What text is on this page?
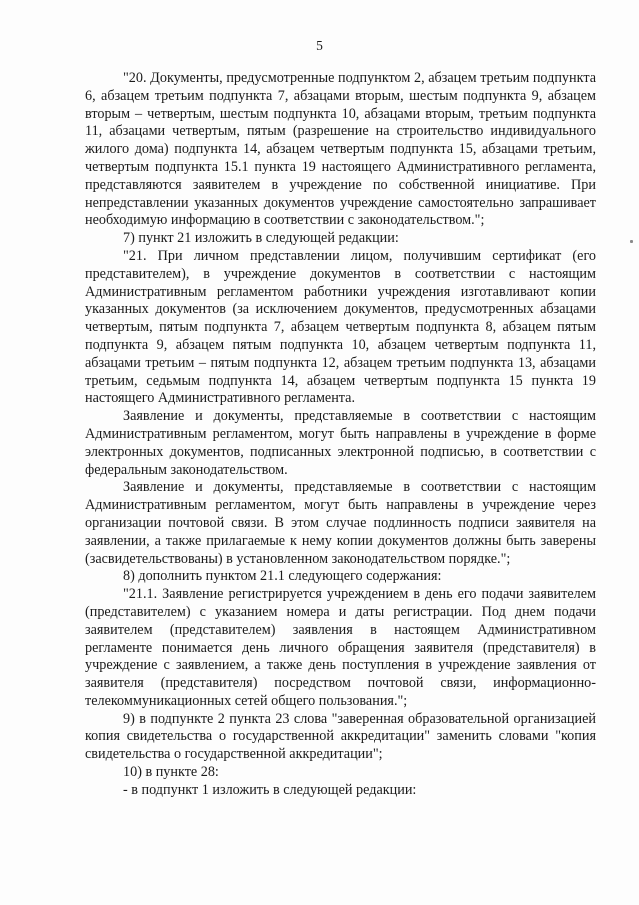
5

"20. Документы, предусмотренные подпунктом 2, абзацем третьим подпункта 6, абзацем третьим подпункта 7, абзацами вторым, шестым подпункта 9, абзацем вторым – четвертым, шестым подпункта 10, абзацами вторым, третьим подпункта 11, абзацами четвертым, пятым (разрешение на строительство индивидуального жилого дома) подпункта 14, абзацем четвертым подпункта 15, абзацами третьим, четвертым подпункта 15.1 пункта 19 настоящего Административного регламента, представляются заявителем в учреждение по собственной инициативе. При непредставлении указанных документов учреждение самостоятельно запрашивает необходимую информацию в соответствии с законодательством.";

7) пункт 21 изложить в следующей редакции:

"21. При личном представлении лицом, получившим сертификат (его представителем), в учреждение документов в соответствии с настоящим Административным регламентом работники учреждения изготавливают копии указанных документов (за исключением документов, предусмотренных абзацами четвертым, пятым подпункта 7, абзацем четвертым подпункта 8, абзацем пятым подпункта 9, абзацем пятым подпункта 10, абзацем четвертым подпункта 11, абзацами третьим – пятым подпункта 12, абзацем третьим подпункта 13, абзацами третьим, седьмым подпункта 14, абзацем четвертым подпункта 15 пункта 19 настоящего Административного регламента.

Заявление и документы, представляемые в соответствии с настоящим Административным регламентом, могут быть направлены в учреждение в форме электронных документов, подписанных электронной подписью, в соответствии с федеральным законодательством.

Заявление и документы, представляемые в соответствии с настоящим Административным регламентом, могут быть направлены в учреждение через организации почтовой связи. В этом случае подлинность подписи заявителя на заявлении, а также прилагаемые к нему копии документов должны быть заверены (засвидетельствованы) в установленном законодательством порядке.";

8) дополнить пунктом 21.1 следующего содержания:

"21.1. Заявление регистрируется учреждением в день его подачи заявителем (представителем) с указанием номера и даты регистрации. Под днем подачи заявителем (представителем) заявления в настоящем Административном регламенте понимается день личного обращения заявителя (представителя) в учреждение с заявлением, а также день поступления в учреждение заявления от заявителя (представителя) посредством почтовой связи, информационно-телекоммуникационных сетей общего пользования.";

9) в подпункте 2 пункта 23 слова "заверенная образовательной организацией копия свидетельства о государственной аккредитации" заменить словами "копия свидетельства о государственной аккредитации";

10) в пункте 28:

- в подпункт 1 изложить в следующей редакции:
